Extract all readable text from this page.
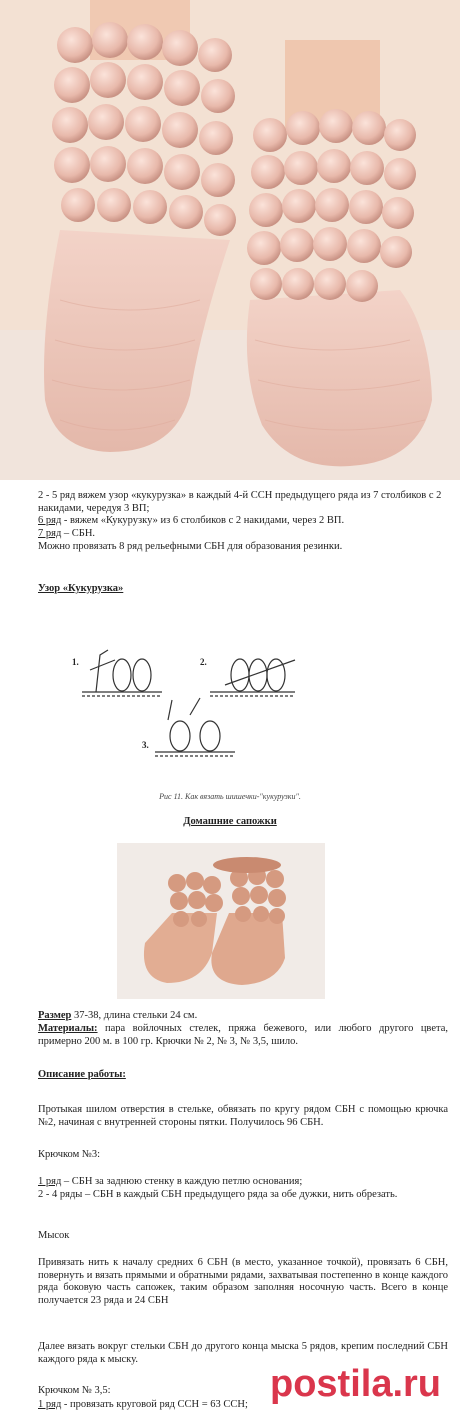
2 - 5 ряд вяжем узор «кукурузка» в каждый 4-й ССН предыдущего ряда из 7 столбиков с 2 накидами, чередуя 3 ВП;

6 ряд - вяжем «Кукурузку» из 6 столбиков с 2 накидами, через 2 ВП.

7 ряд – СБН.

Можно провязать 8 ряд рельефными СБН для образования резинки.

Узор «Кукурузка»

1.	2.
3.
Рис 11. Как вязать шишечки-"кукурузки".

Домашние сапожки

Размер 37-38, длина стельки 24 см.

Материалы: пара войлочных стелек, пряжа бежевого, или любого другого цвета, примерно 200 м. в 100 гр. Крючки № 2, № 3, № 3,5, шило.

Описание работы:

Протыкая шилом отверстия в стельке, обвязать по кругу рядом СБН с помощью крючка №2, начиная с внутренней стороны пятки. Получилось 96 СБН.

Крючком №3:

1 ряд – СБН за заднюю стенку в каждую петлю основания;

2 - 4 ряды – СБН в каждый СБН предыдущего ряда за обе дужки, нить обрезать.

Мысок

Привязать нить к началу средних 6 СБН (в место, указанное точкой), провязать 6 СБН, повернуть и вязать прямыми и обратными рядами, захватывая постепенно в конце каждого ряда боковую часть сапожек, таким образом заполняя носочную часть. Всего в конце получается 23 ряда и 24 СБН

Далее вязать вокруг стельки СБН до другого конца мыска 5 рядов, крепим последний СБН каждого ряда к мыску.

Крючком № 3,5:

1 ряд - провязать круговой ряд ССН = 63 ССН; postila.ru
